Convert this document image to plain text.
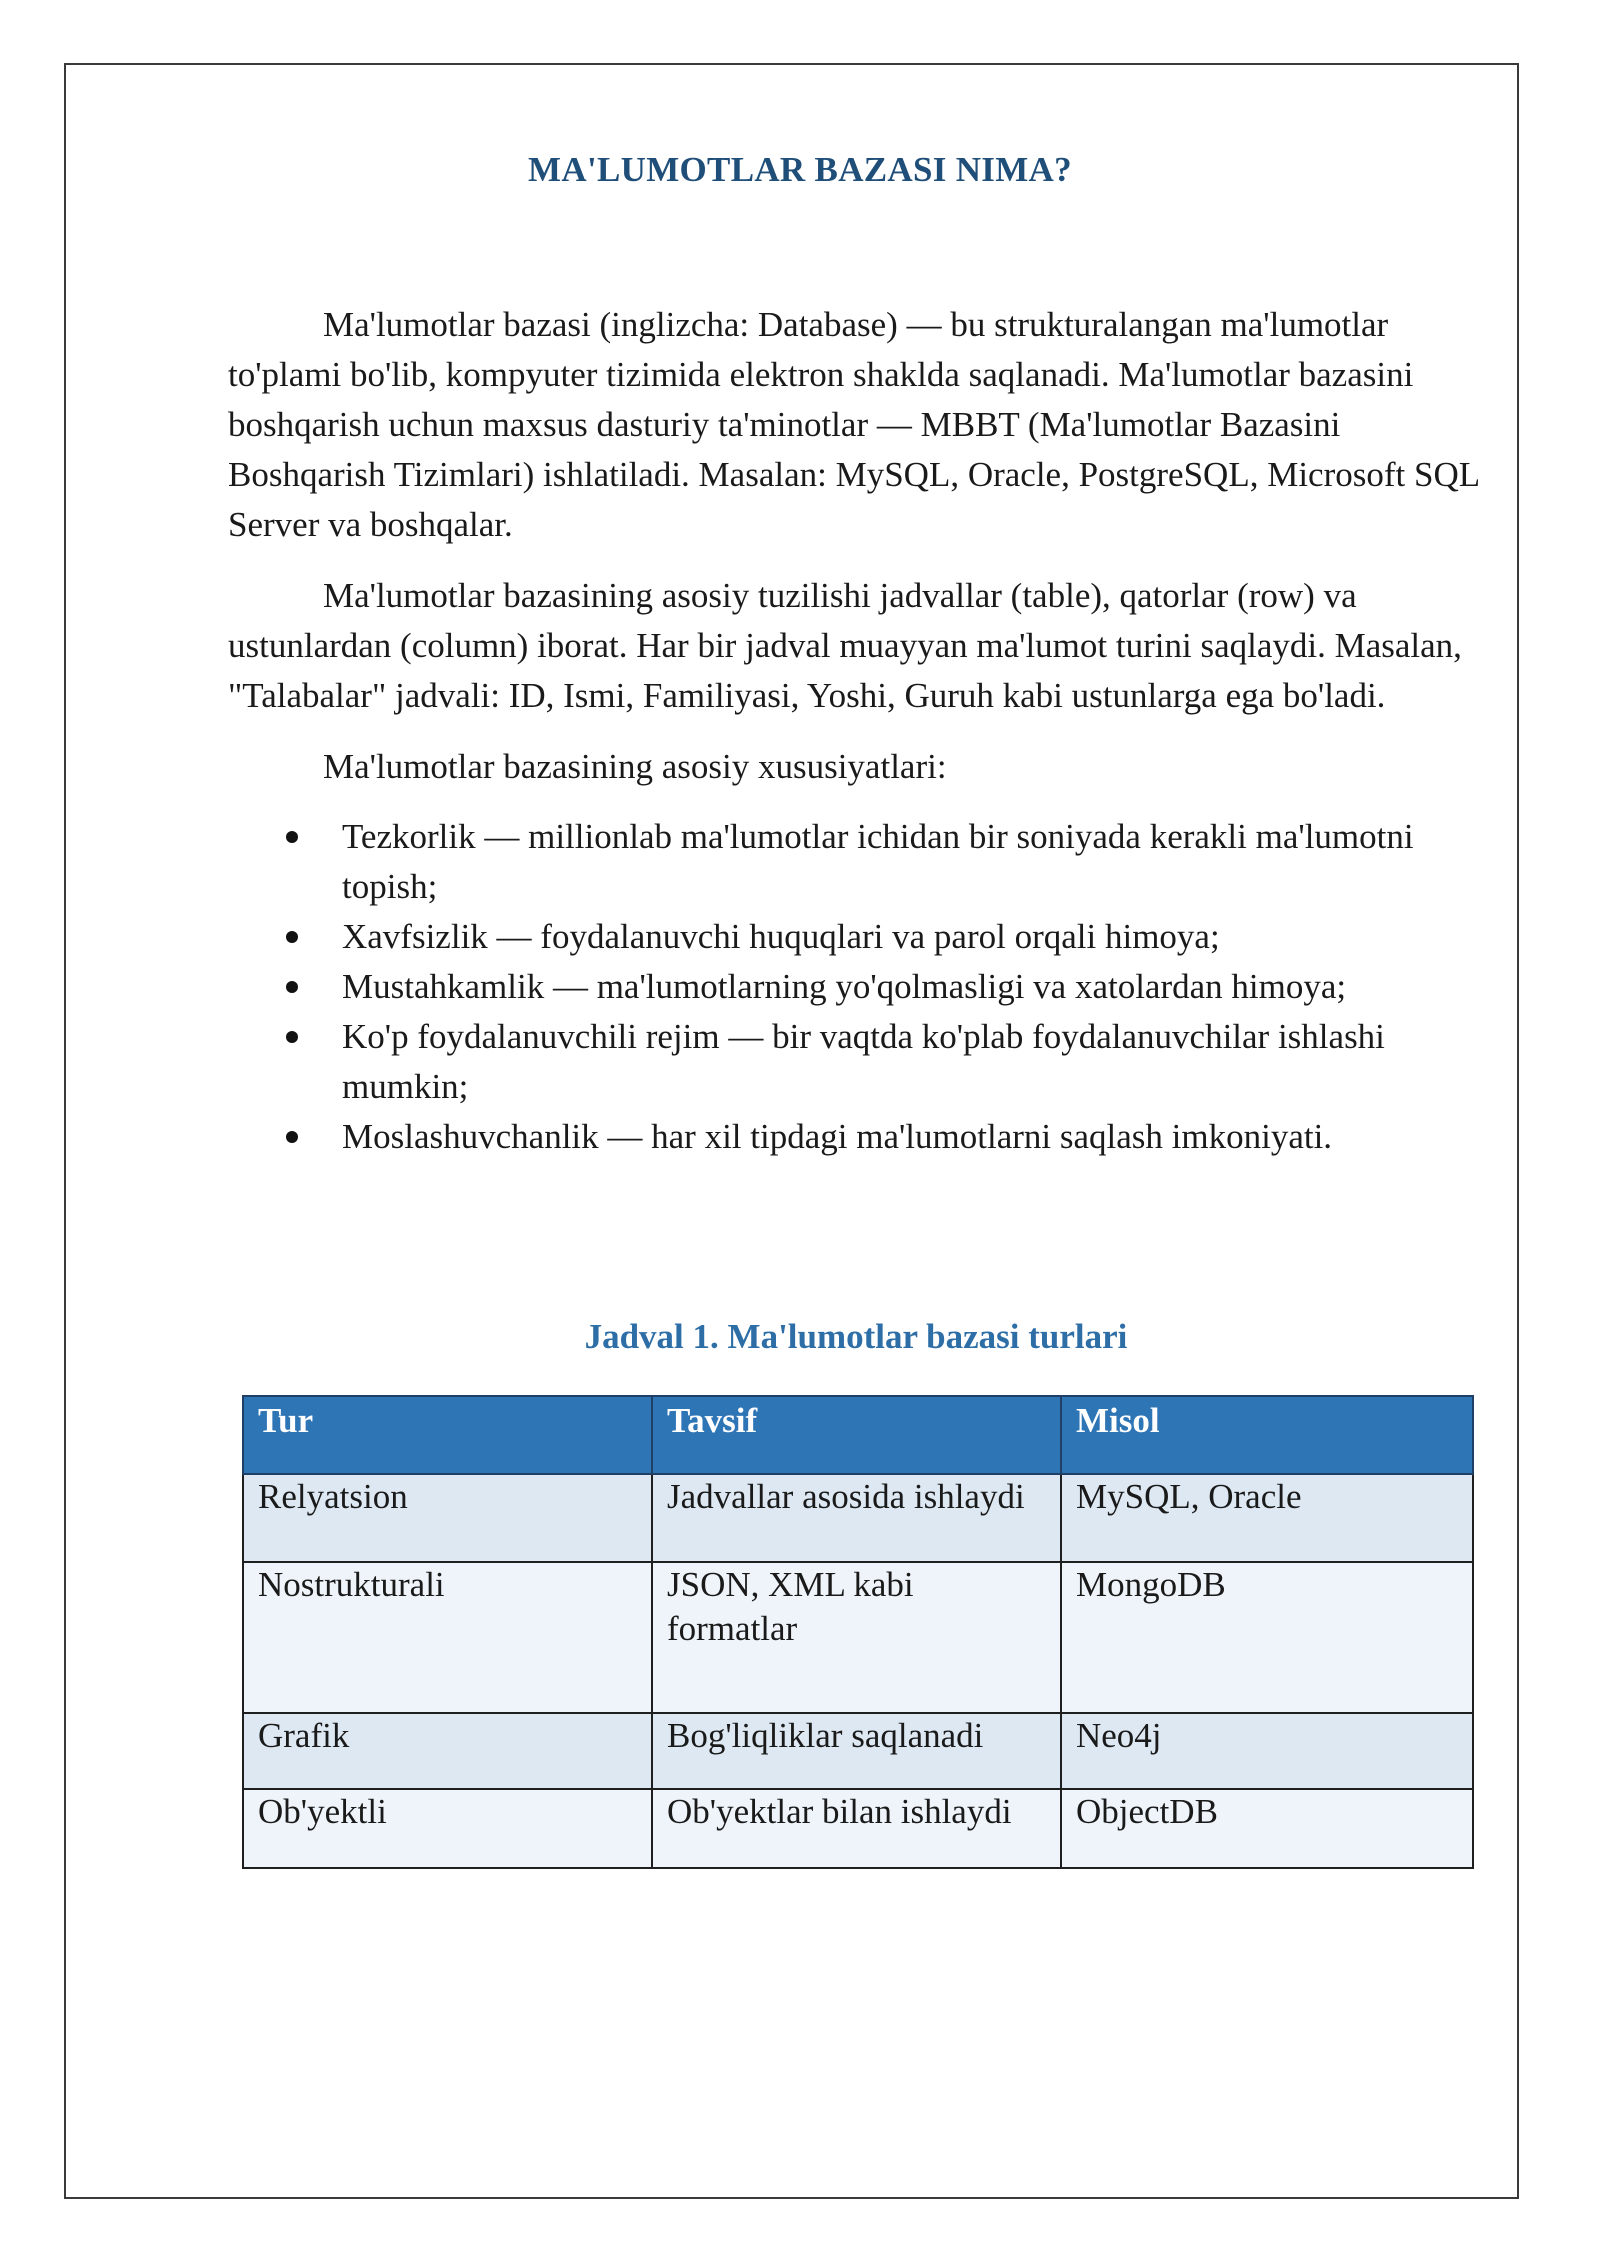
MA'LUMOTLAR BAZASI NIMA?

Ma'lumotlar bazasi (inglizcha: Database) — bu strukturalangan ma'lumotlar to'plami bo'lib, kompyuter tizimida elektron shaklda saqlanadi. Ma'lumotlar bazasini boshqarish uchun maxsus dasturiy ta'minotlar — MBBT (Ma'lumotlar Bazasini Boshqarish Tizimlari) ishlatiladi. Masalan: MySQL, Oracle, PostgreSQL, Microsoft SQL Server va boshqalar.

Ma'lumotlar bazasining asosiy tuzilishi jadvallar (table), qatorlar (row) va ustunlardan (column) iborat. Har bir jadval muayyan ma'lumot turini saqlaydi. Masalan, "Talabalar" jadvali: ID, Ismi, Familiyasi, Yoshi, Guruh kabi ustunlarga ega bo'ladi.

Ma'lumotlar bazasining asosiy xususiyatlari:

Tezkorlik — millionlab ma'lumotlar ichidan bir soniyada kerakli ma'lumotni topish;
Xavfsizlik — foydalanuvchi huquqlari va parol orqali himoya;
Mustahkamlik — ma'lumotlarning yo'qolmasligi va xatolardan himoya;
Ko'p foydalanuvchili rejim — bir vaqtda ko'plab foydalanuvchilar ishlashi mumkin;
Moslashuvchanlik — har xil tipdagi ma'lumotlarni saqlash imkoniyati.
Jadval 1. Ma'lumotlar bazasi turlari
Tur	Tavsif	Misol
Relyatsion	Jadvallar asosida ishlaydi	MySQL, Oracle
Nostrukturali	JSON, XML kabi formatlar	MongoDB
Grafik	Bog'liqliklar saqlanadi	Neo4j
Ob'yektli	Ob'yektlar bilan ishlaydi	ObjectDB
